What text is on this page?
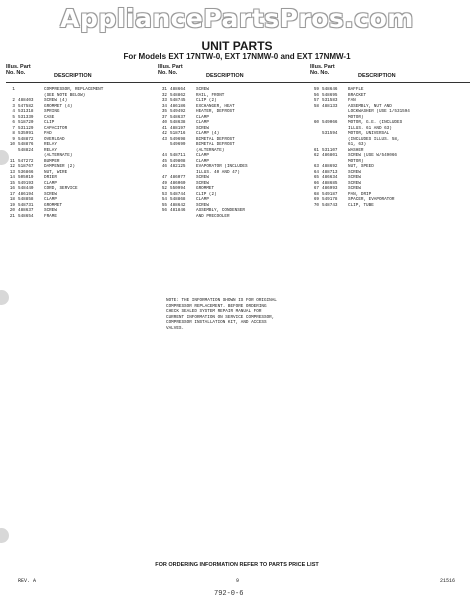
AppliancePartsPros.com
UNIT PARTS
For Models EXT 17NTW-0, EXT 17NMW-0 and EXT 17NMW-1
Illus. Part
No. No.	DESCRIPTION
1	COMPRESSOR, REPLACEMENT
(SEE NOTE BELOW)
2 488403	SCREW (4)
3 547582	GROMMET (4)
4 531318	SPRING
5 531339	CASE
6 518720	CLIP
7 531129	CAPACITOR
8 535991	PAD
9 548872	OVERLOAD
10 548876	RELAY
548824	RELAY
(ALTERNATE)
11 547272	BUMPER
12 518767	DAMPENER (2)
13 536866	NUT, WIRE
14 505019	DRIER
15 549193	CLAMP
16 548440	CORD, SERVICE
17 486194	SCREW
18 548858	CLAMP
19 548731	GROMMET
20 488637	SCREW
21 548654	FRAME
Illus. Part
No. No.	DESCRIPTION
31 488664	SCREW
32 548862	RAIL, FRONT
33 548745	CLIP (2)
34 486186	EXCHANGER, HEAT
35 549492	HEATER, DEFROST
37 548637	CLAMP
40 548638	CLAMP
41 488197	SCREW
42 518716	CLAMP (4)
43 549698	BIMETAL DEFROST
549699	BIMETAL DEFROST
(ALTERNATE)
44 548711	CLAMP
45 549808	CLAMP
46 482125	EVAPORATOR (INCLUDES
ILLUS. 40 AND 47)
47 486077	SCREW
49 486060	SCREW
52 550994	GROMMET
53 548744	CLIP (2)
54 548868	CLAMP
55 488642	SCREW
56 481846	ASSEMBLY, CONDENSER
AND PRECOOLER
Illus. Part
No. No.	DESCRIPTION
59 548646	BAFFLE
56 548695	BRACKET
57 531583	FAN
58 488133	ASSEMBLY, NUT AND
LOCKWASHER (USE 1/531594
MOTOR)
60 549066	MOTOR, G.E. (INCLUDES
ILLUS. 61 AND 63)
531594	MOTOR, UNIVERSAL
(INCLUDES ILLUS. 58,
61, 63)
61 531107	WASHER
62 486801	SCREW (USE W/549066
MOTOR)
63 488692	NUT, SPEED
64 488713	SCREW
65 486634	SCREW
66 488685	SCREW
67 486993	SCREW
68 549187	PAN, DRIP
69 549178	SPACER, EVAPORATOR
70 548743	CLIP, TUBE
NOTE: THE INFORMATION SHOWN IS FOR ORIGINAL
COMPRESSOR REPLACEMENT. BEFORE ORDERING
CHECK SEALED SYSTEM REPAIR MANUAL FOR
CURRENT INFORMATION ON SERVICE COMPRESSOR,
COMPRESSOR INSTALLATION KIT, AND ACCESS
VALVES.
FOR ORDERING INFORMATION REFER TO PARTS PRICE LIST
REV. A	9	21516
792-0-6
